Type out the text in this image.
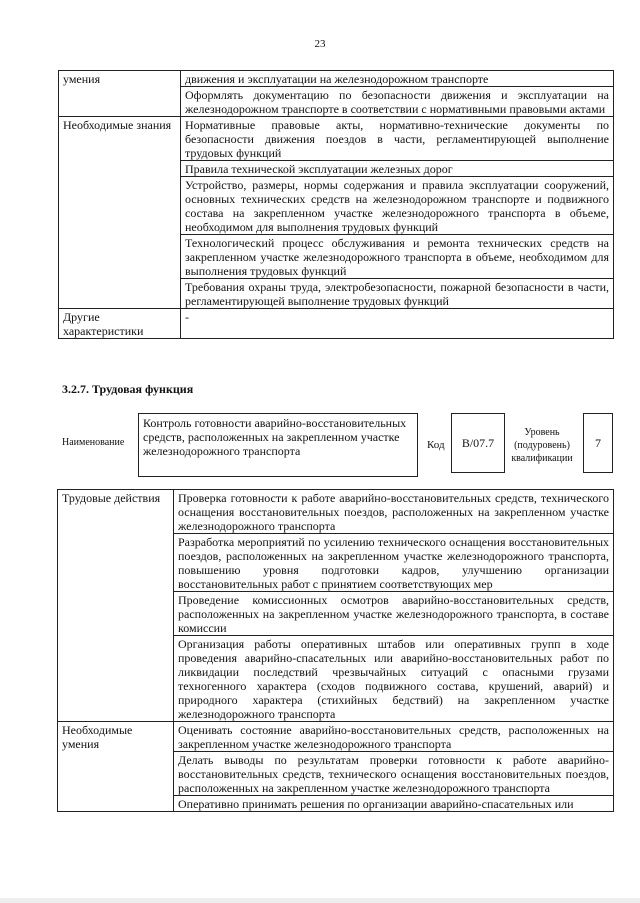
23
умения	движения и эксплуатации на железнодорожном транспорте
	Оформлять документацию по безопасности движения и эксплуатации на железнодорожном транспорте в соответствии с нормативными правовыми актами
Необходимые знания	Нормативные правовые акты, нормативно-технические документы по безопасности движения поездов в части, регламентирующей выполнение трудовых функций
	Правила технической эксплуатации железных дорог
	Устройство, размеры, нормы содержания и правила эксплуатации сооружений, основных технических средств на железнодорожном транспорте и подвижного состава на закрепленном участке железнодорожного транспорта в объеме, необходимом для выполнения трудовых функций
	Технологический процесс обслуживания и ремонта технических средств на закрепленном участке железнодорожного транспорта в объеме, необходимом для выполнения трудовых функций
	Требования охраны труда, электробезопасности, пожарной безопасности в части, регламентирующей выполнение трудовых функций
Другие характеристики	-
3.2.7. Трудовая функция
Наименование
Контроль готовности аварийно-восстановительных средств, расположенных на закрепленном участке железнодорожного транспорта	Код	B/07.7
Уровень (подуровень) квалификации
7
Трудовые действия	Проверка готовности к работе аварийно-восстановительных средств, технического оснащения восстановительных поездов, расположенных на закрепленном участке железнодорожного транспорта
	Разработка мероприятий по усилению технического оснащения восстановительных поездов, расположенных на закрепленном участке железнодорожного транспорта, повышению уровня подготовки кадров, улучшению организации восстановительных работ с принятием соответствующих мер
	Проведение комиссионных осмотров аварийно-восстановительных средств, расположенных на закрепленном участке железнодорожного транспорта, в составе комиссии
	Организация работы оперативных штабов или оперативных групп в ходе проведения аварийно-спасательных или аварийно-восстановительных работ по ликвидации последствий чрезвычайных ситуаций с опасными грузами техногенного характера (сходов подвижного состава, крушений, аварий) и природного характера (стихийных бедствий) на закрепленном участке железнодорожного транспорта
Необходимые умения	Оценивать состояние аварийно-восстановительных средств, расположенных на закрепленном участке железнодорожного транспорта
	Делать выводы по результатам проверки готовности к работе аварийно-восстановительных средств, технического оснащения восстановительных поездов, расположенных на закрепленном участке железнодорожного транспорта
	Оперативно принимать решения по организации аварийно-спасательных или
